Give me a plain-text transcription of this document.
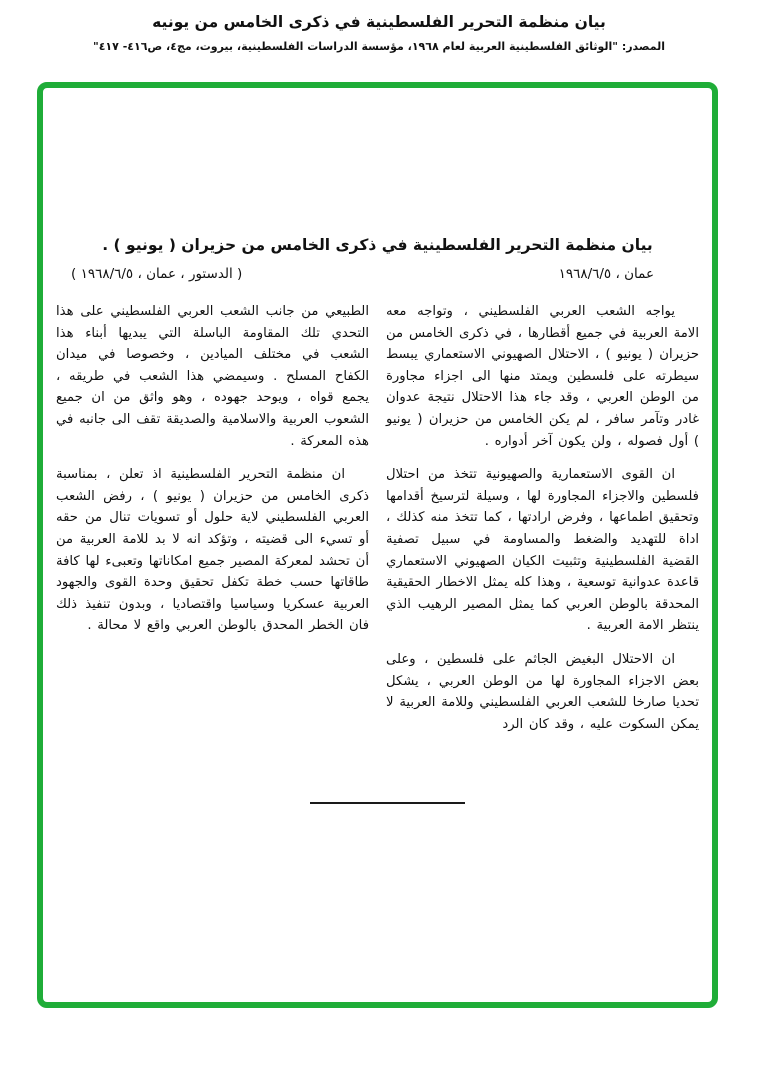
بيان منظمة التحرير الفلسطينية في ذكرى الخامس من يونيه
المصدر: "الوثائق الفلسطينية العربية لعام ١٩٦٨، مؤسسة الدراسات الفلسطينية، بيروت، مج٤، ص٤١٦- ٤١٧"
بيان منظمة التحرير الفلسطينية في ذكرى الخامس من حزيران ( يونيو ) .
عمان ، ١٩٦٨/٦/٥
( الدستور ، عمان ، ١٩٦٨/٦/٥ )

يواجه الشعب العربي الفلسطيني ، وتواجه معه الامة العربية في جميع أقطارها ، في ذكرى الخامس من حزيران ( يونيو ) ، الاحتلال الصهيوني الاستعماري يبسط سيطرته على فلسطين ويمتد منها الى اجزاء مجاورة من الوطن العربي ، وقد جاء هذا الاحتلال نتيجة عدوان غادر وتآمر سافر ، لم يكن الخامس من حزيران ( يونيو ) أول فصوله ، ولن يكون آخر أدواره .

ان القوى الاستعمارية والصهيونية تتخذ من احتلال فلسطين والاجزاء المجاورة لها ، وسيلة لترسيخ أقدامها وتحقيق اطماعها ، وفرض ارادتها ، كما تتخذ منه كذلك ، اداة للتهديد والضغط والمساومة في سبيل تصفية القضية الفلسطينية وتثبيت الكيان الصهيوني الاستعماري قاعدة عدوانية توسعية ، وهذا كله يمثل الاخطار الحقيقية المحدقة بالوطن العربي كما يمثل المصير الرهيب الذي ينتظر الامة العربية .

ان الاحتلال البغيض الجاثم على فلسطين ، وعلى بعض الاجزاء المجاورة لها من الوطن العربي ، يشكل تحديا صارخا للشعب العربي الفلسطيني وللامة العربية لا يمكن السكوت عليه ، وقد كان الرد

الطبيعي من جانب الشعب العربي الفلسطيني على هذا التحدي تلك المقاومة الباسلة التي يبديها أبناء هذا الشعب في مختلف الميادين ، وخصوصا في ميدان الكفاح المسلح . وسيمضي هذا الشعب في طريقه ، يجمع قواه ، ويوحد جهوده ، وهو واثق من ان جميع الشعوب العربية والاسلامية والصديقة تقف الى جانبه في هذه المعركة .

ان منظمة التحرير الفلسطينية اذ تعلن ، بمناسبة ذكرى الخامس من حزيران ( يونيو ) ، رفض الشعب العربي الفلسطيني لاية حلول أو تسويات تنال من حقه أو تسيء الى قضيته ، وتؤكد انه لا بد للامة العربية من أن تحشد لمعركة المصير جميع امكاناتها وتعبىء لها كافة طاقاتها حسب خطة تكفل تحقيق وحدة القوى والجهود العربية عسكريا وسياسيا واقتصاديا ، وبدون تنفيذ ذلك فان الخطر المحدق بالوطن العربي واقع لا محالة .
